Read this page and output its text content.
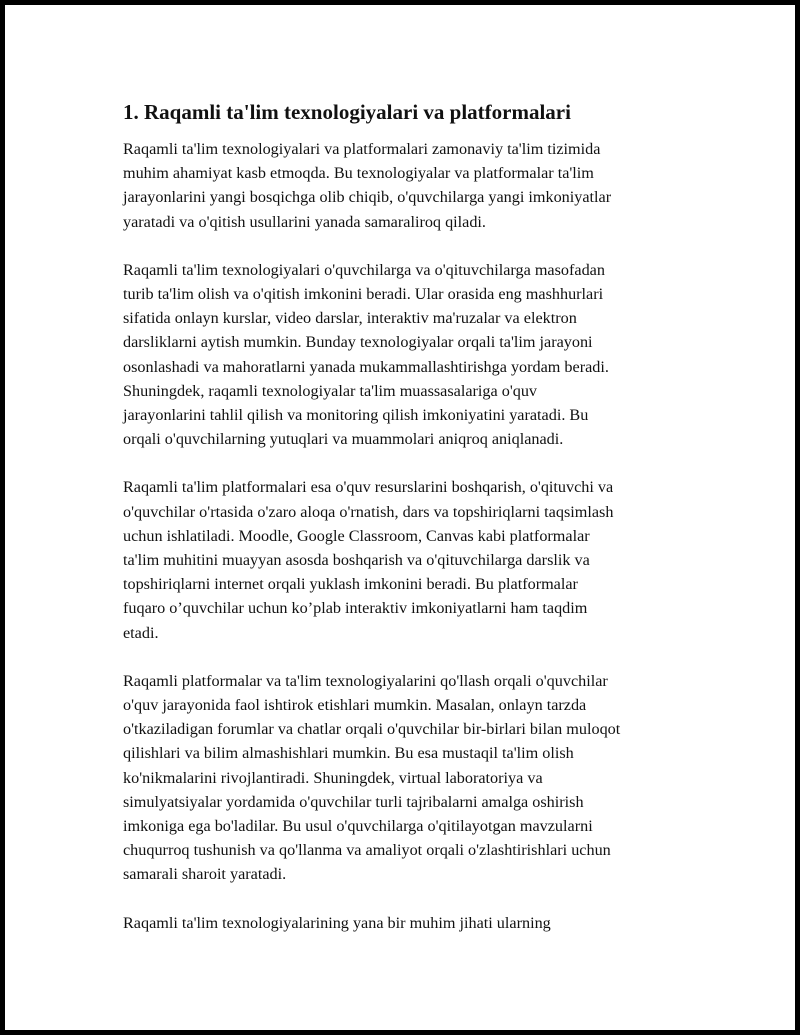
1. Raqamli ta'lim texnologiyalari va platformalari

Raqamli ta'lim texnologiyalari va platformalari zamonaviy ta'lim tizimida
muhim ahamiyat kasb etmoqda. Bu texnologiyalar va platformalar ta'lim
jarayonlarini yangi bosqichga olib chiqib, o'quvchilarga yangi imkoniyatlar
yaratadi va o'qitish usullarini yanada samaraliroq qiladi.

Raqamli ta'lim texnologiyalari o'quvchilarga va o'qituvchilarga masofadan
turib ta'lim olish va o'qitish imkonini beradi. Ular orasida eng mashhurlari
sifatida onlayn kurslar, video darslar, interaktiv ma'ruzalar va elektron
darsliklarni aytish mumkin. Bunday texnologiyalar orqali ta'lim jarayoni
osonlashadi va mahoratlarni yanada mukammallashtirishga yordam beradi.
Shuningdek, raqamli texnologiyalar ta'lim muassasalariga o'quv
jarayonlarini tahlil qilish va monitoring qilish imkoniyatini yaratadi. Bu
orqali o'quvchilarning yutuqlari va muammolari aniqroq aniqlanadi.

Raqamli ta'lim platformalari esa o'quv resurslarini boshqarish, o'qituvchi va
o'quvchilar o'rtasida o'zaro aloqa o'rnatish, dars va topshiriqlarni taqsimlash
uchun ishlatiladi. Moodle, Google Classroom, Canvas kabi platformalar
ta'lim muhitini muayyan asosda boshqarish va o'qituvchilarga darslik va
topshiriqlarni internet orqali yuklash imkonini beradi. Bu platformalar
fuqaro o’quvchilar uchun ko’plab interaktiv imkoniyatlarni ham taqdim
etadi.

Raqamli platformalar va ta'lim texnologiyalarini qo'llash orqali o'quvchilar
o'quv jarayonida faol ishtirok etishlari mumkin. Masalan, onlayn tarzda
o'tkaziladigan forumlar va chatlar orqali o'quvchilar bir-birlari bilan muloqot
qilishlari va bilim almashishlari mumkin. Bu esa mustaqil ta'lim olish
ko'nikmalarini rivojlantiradi. Shuningdek, virtual laboratoriya va
simulyatsiyalar yordamida o'quvchilar turli tajribalarni amalga oshirish
imkoniga ega bo'ladilar. Bu usul o'quvchilarga o'qitilayotgan mavzularni
chuqurroq tushunish va qo'llanma va amaliyot orqali o'zlashtirishlari uchun
samarali sharoit yaratadi.

Raqamli ta'lim texnologiyalarining yana bir muhim jihati ularning
